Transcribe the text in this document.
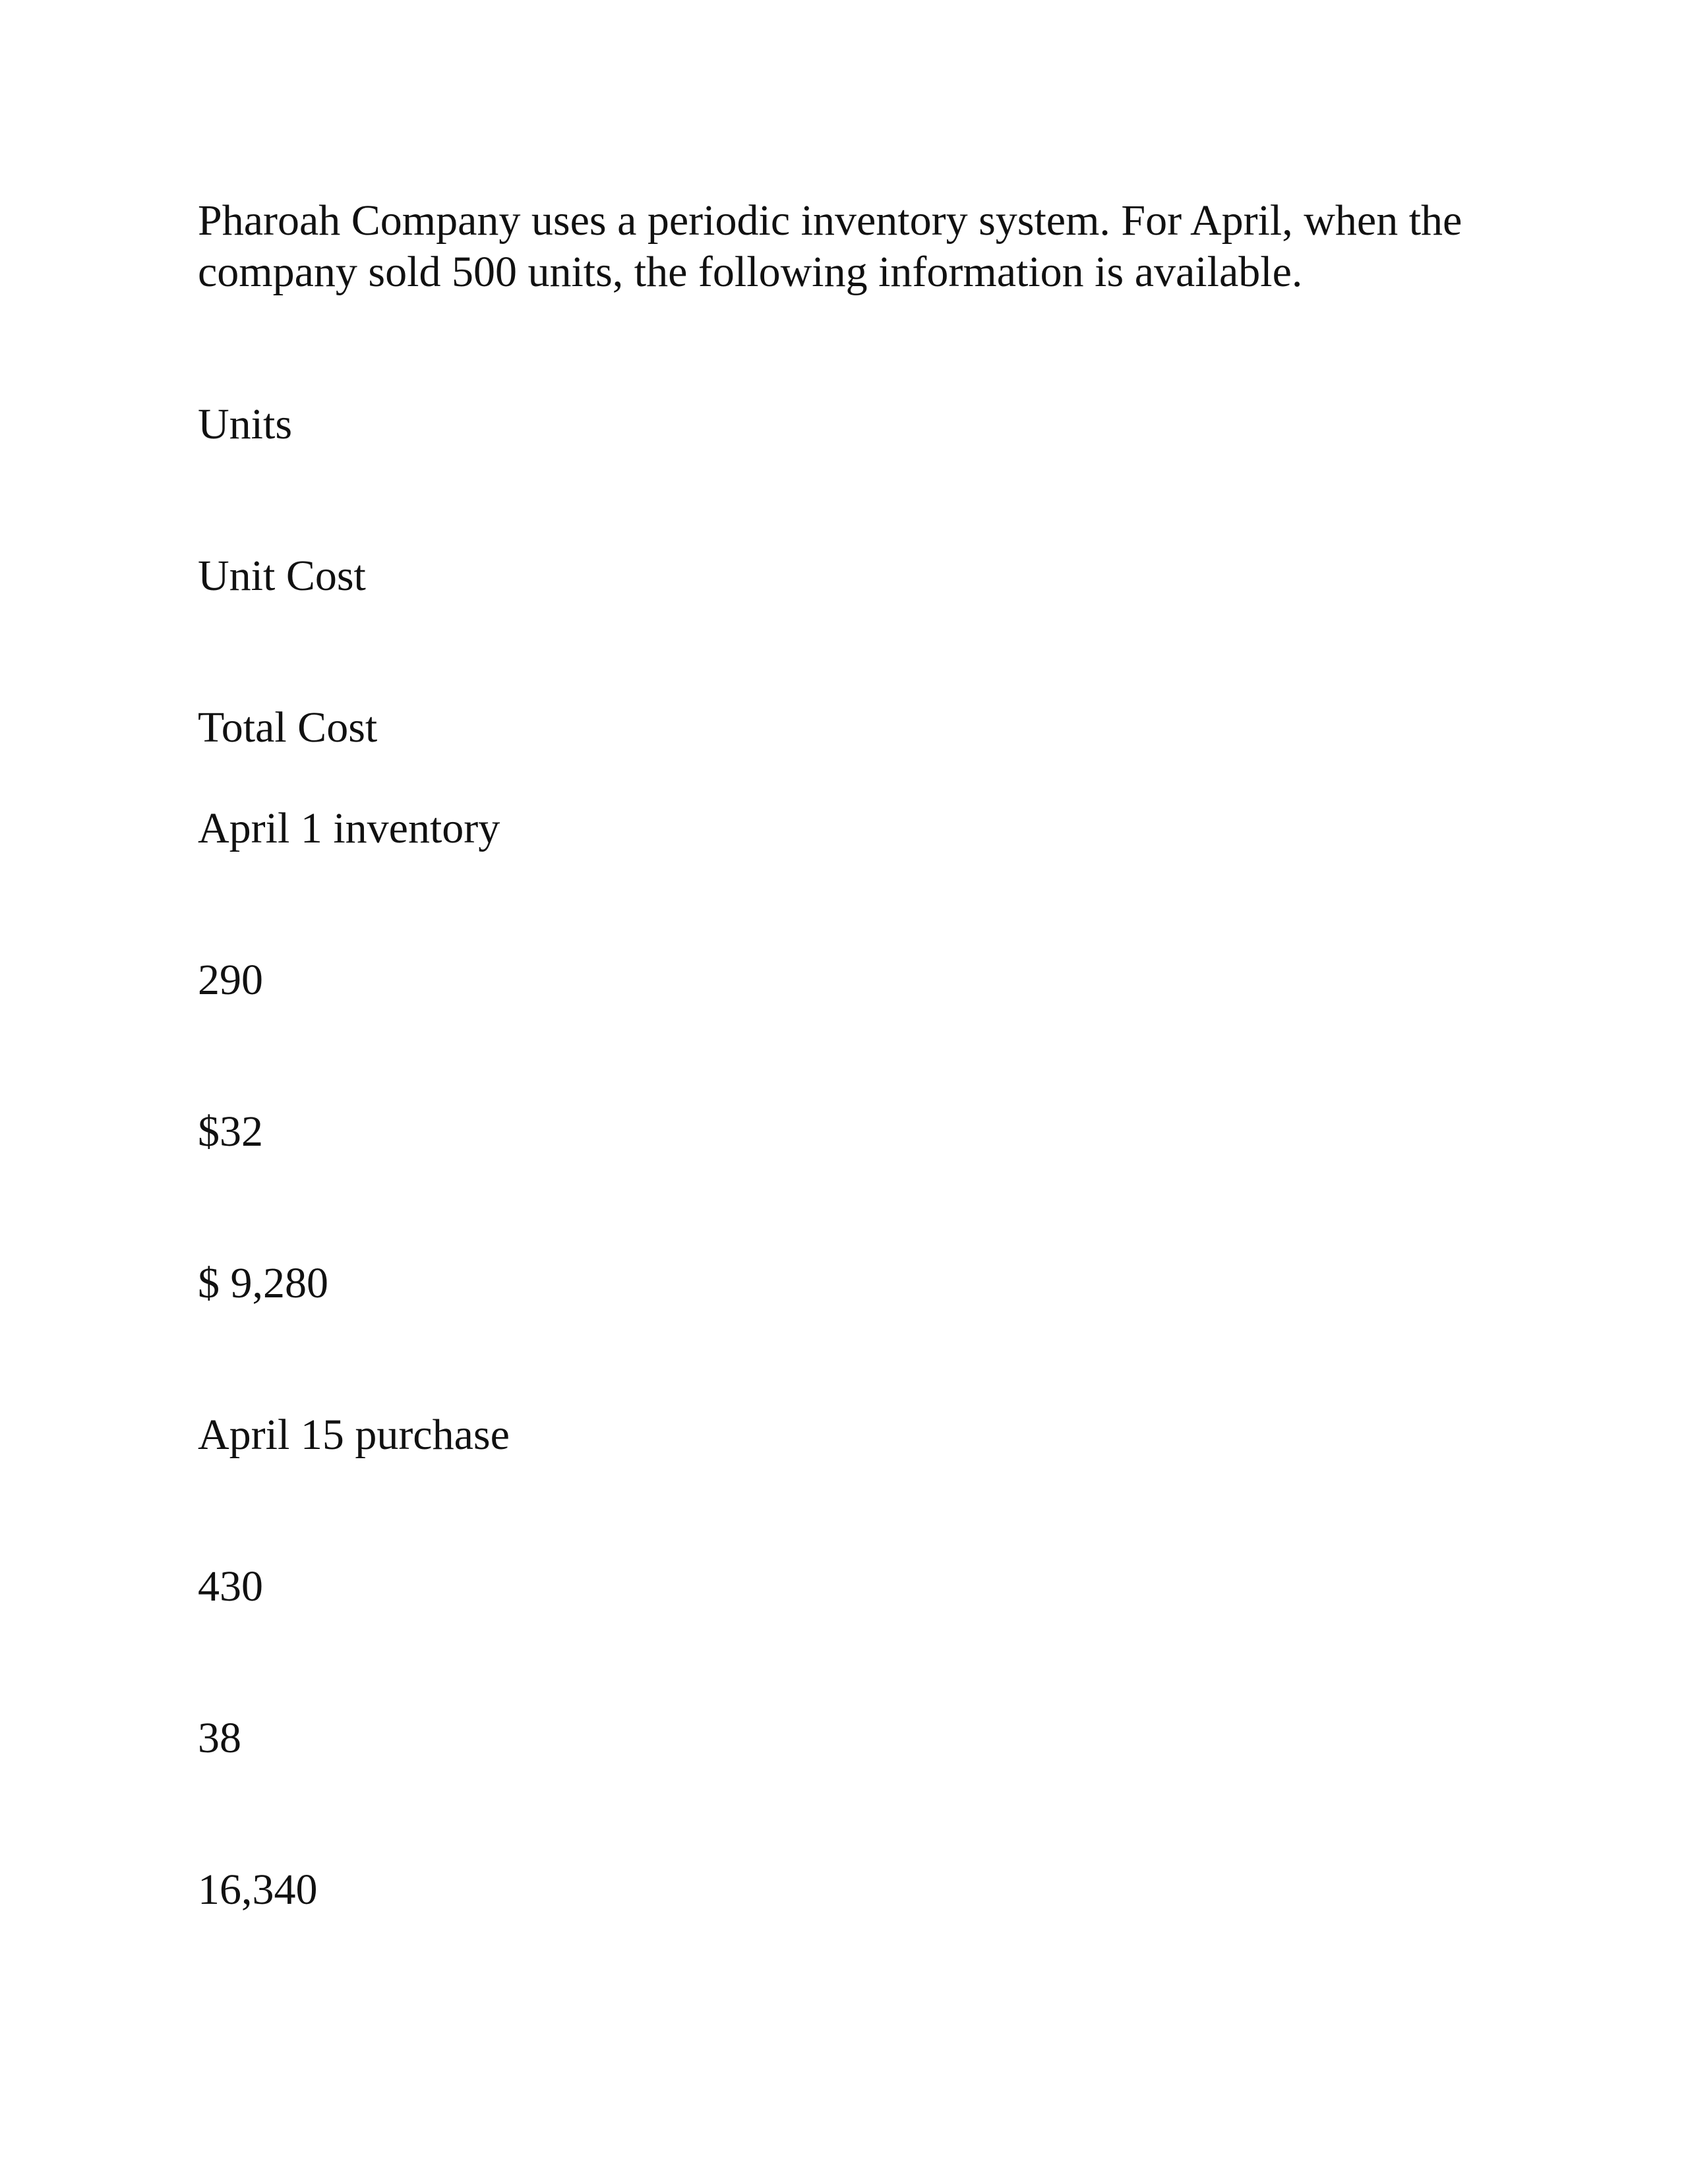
Pharoah Company uses a periodic inventory system. For April, when the
company sold 500 units, the following information is available.

Units

Unit Cost

Total Cost

April 1 inventory

290

$32

$ 9,280

April 15 purchase

430

38

16,340
